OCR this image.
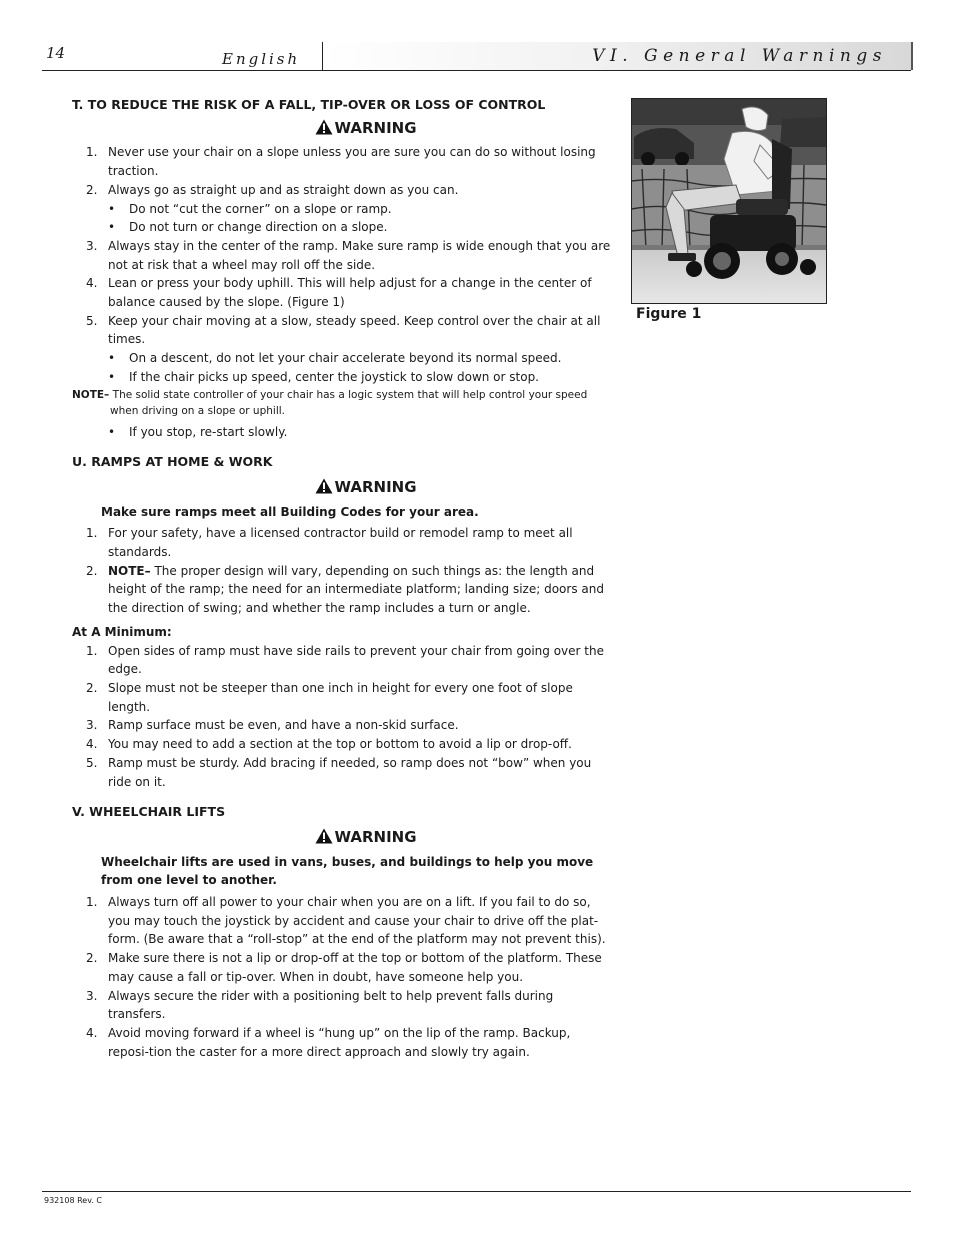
14	English	VI. General Warnings

T. TO REDUCE THE RISK OF A FALL, TIP-OVER OR LOSS OF CONTROL

WARNING
1. Never use your chair on a slope unless you are sure you can do so without losing traction.
2. Always go as straight up and as straight down as you can.
• Do not “cut the corner” on a slope or ramp.
• Do not turn or change direction on a slope.
3. Always stay in the center of the ramp. Make sure ramp is wide enough that you are not at risk that a wheel may roll off the side.
4. Lean or press your body uphill. This will help adjust for a change in the center of balance caused by the slope. (Figure 1)
5. Keep your chair moving at a slow, steady speed. Keep control over the chair at all times.
• On a descent, do not let your chair accelerate beyond its normal speed.
• If the chair picks up speed, center the joystick to slow down or stop.

NOTE– The solid state controller of your chair has a logic system that will help control your speed

when driving on a slope or uphill.

• If you stop, re-start slowly.

U. RAMPS AT HOME & WORK

WARNING

Make sure ramps meet all Building Codes for your area.

1. For your safety, have a licensed contractor build or remodel ramp to meet all standards.
2. NOTE– The proper design will vary, depending on such things as: the length and height of the ramp; the need for an intermediate platform; landing size; doors and the direction of swing; and whether the ramp includes a turn or angle.

At A Minimum:

1. Open sides of ramp must have side rails to prevent your chair from going over the edge.
2. Slope must not be steeper than one inch in height for every one foot of slope length.
3. Ramp surface must be even, and have a non-skid surface.
4. You may need to add a section at the top or bottom to avoid a lip or drop-off.
5. Ramp must be sturdy. Add bracing if needed, so ramp does not “bow” when you ride on it.

V. WHEELCHAIR LIFTS

WARNING

Wheelchair lifts are used in vans, buses, and buildings to help you move from one level to another.

1. Always turn off all power to your chair when you are on a lift. If you fail to do so, you may touch the joystick by accident and cause your chair to drive off the plat-form. (Be aware that a “roll-stop” at the end of the platform may not prevent this).
2. Make sure there is not a lip or drop-off at the top or bottom of the platform. These may cause a fall or tip-over. When in doubt, have someone help you.
3. Always secure the rider with a positioning belt to help prevent falls during transfers.
4. Avoid moving forward if a wheel is “hung up” on the lip of the ramp. Backup, reposi-tion the caster for a more direct approach and slowly try again.
Figure 1
932108 Rev. C
